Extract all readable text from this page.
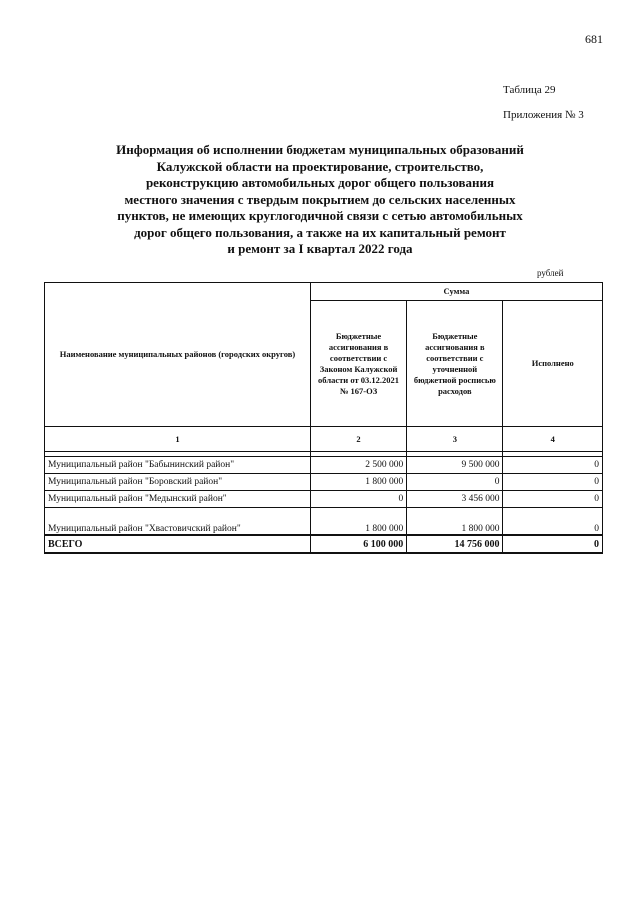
681
Таблица 29
Приложения № 3
Информация об исполнении бюджетам муниципальных образований
Калужской области на проектирование, строительство,
реконструкцию автомобильных дорог общего пользования
местного значения с твердым покрытием до сельских населенных
пунктов, не имеющих круглогодичной связи с сетью автомобильных
дорог общего пользования, а также на их капитальный ремонт
и ремонт за I квартал 2022 года
рублей
Наименование муниципальных районов (городских округов)	Сумма		
	Бюджетные ассигнования в соответствии с Законом Калужской области от 03.12.2021 № 167-ОЗ	Бюджетные ассигнования в соответствии с уточненной бюджетной росписью расходов	Исполнено
1	2	3	4

Муниципальный район "Бабынинский район"	2 500 000	9 500 000	0
Муниципальный район "Боровский район"	1 800 000	0	0
Муниципальный район "Медынский район"	0	3 456 000	0
Муниципальный район "Хвастовичский район"	1 800 000	1 800 000	0
ВСЕГО	6 100 000	14 756 000	0
